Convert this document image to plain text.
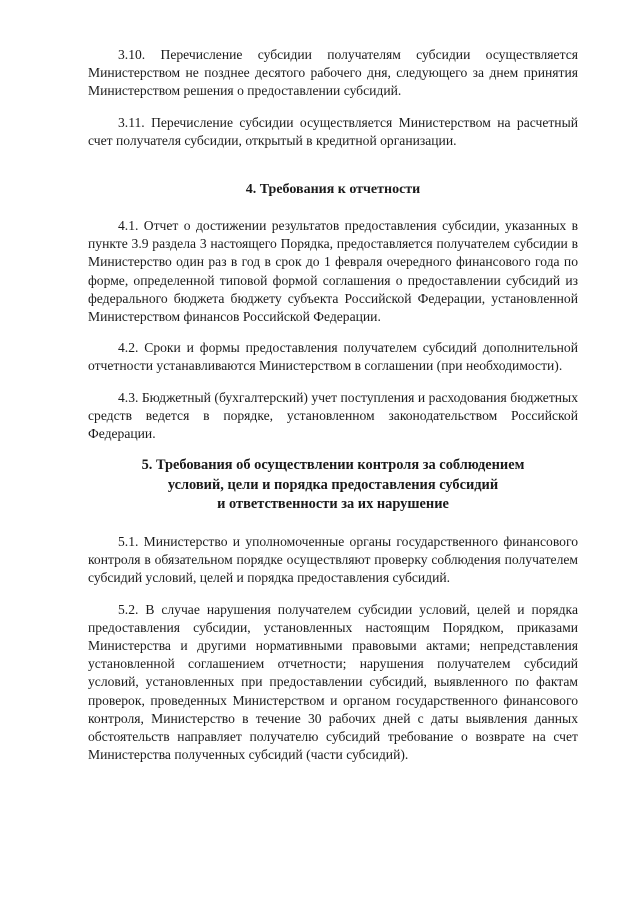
3.10. Перечисление субсидии получателям субсидии осуществляется Министерством не позднее десятого рабочего дня, следующего за днем принятия Министерством решения о предоставлении субсидий.

3.11. Перечисление субсидии осуществляется Министерством на расчетный счет получателя субсидии, открытый в кредитной организации.

4. Требования к отчетности

4.1. Отчет о достижении результатов предоставления субсидии, указанных в пункте 3.9 раздела 3 настоящего Порядка, предоставляется получателем субсидии в Министерство один раз в год в срок до 1 февраля очередного финансового года по форме, определенной типовой формой соглашения о предоставлении субсидий из федерального бюджета бюджету субъекта Российской Федерации, установленной Министерством финансов Российской Федерации.

4.2. Сроки и формы предоставления получателем субсидий дополнительной отчетности устанавливаются Министерством в соглашении (при необходимости).

4.3. Бюджетный (бухгалтерский) учет поступления и расходования бюджетных средств ведется в порядке, установленном законодательством Российской Федерации.

5. Требования об осуществлении контроля за соблюдением
условий, цели и порядка предоставления субсидий
и ответственности за их нарушение

5.1. Министерство и уполномоченные органы государственного финансового контроля в обязательном порядке осуществляют проверку соблюдения получателем субсидий условий, целей и порядка предоставления субсидий.

5.2. В случае нарушения получателем субсидии условий, целей и порядка предоставления субсидии, установленных настоящим Порядком, приказами Министерства и другими нормативными правовыми актами; непредставления установленной соглашением отчетности; нарушения получателем субсидий условий, установленных при предоставлении субсидий, выявленного по фактам проверок, проведенных Министерством и органом государственного финансового контроля, Министерство в течение 30 рабочих дней с даты выявления данных обстоятельств направляет получателю субсидий требование о возврате на счет Министерства полученных субсидий (части субсидий).
